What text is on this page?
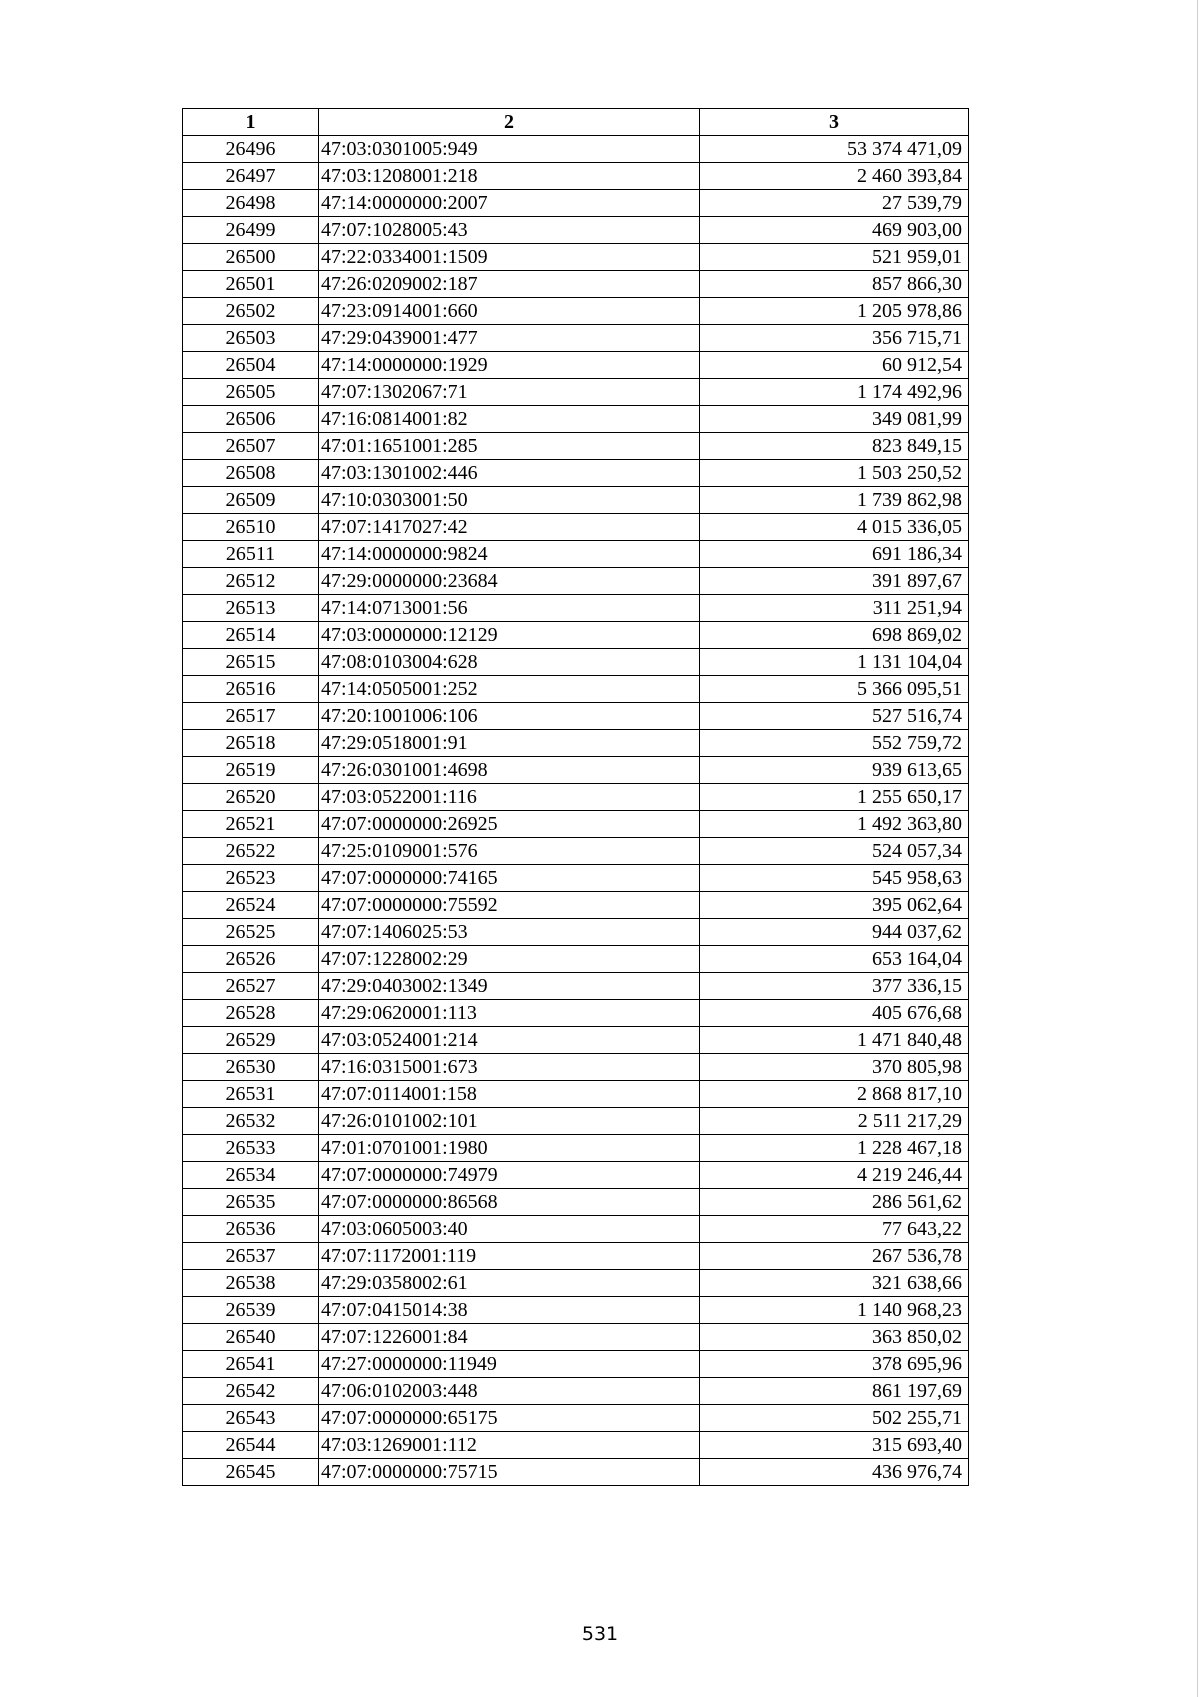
1	2	3
26496	47:03:0301005:949	53 374 471,09
26497	47:03:1208001:218	2 460 393,84
26498	47:14:0000000:2007	27 539,79
26499	47:07:1028005:43	469 903,00
26500	47:22:0334001:1509	521 959,01
26501	47:26:0209002:187	857 866,30
26502	47:23:0914001:660	1 205 978,86
26503	47:29:0439001:477	356 715,71
26504	47:14:0000000:1929	60 912,54
26505	47:07:1302067:71	1 174 492,96
26506	47:16:0814001:82	349 081,99
26507	47:01:1651001:285	823 849,15
26508	47:03:1301002:446	1 503 250,52
26509	47:10:0303001:50	1 739 862,98
26510	47:07:1417027:42	4 015 336,05
26511	47:14:0000000:9824	691 186,34
26512	47:29:0000000:23684	391 897,67
26513	47:14:0713001:56	311 251,94
26514	47:03:0000000:12129	698 869,02
26515	47:08:0103004:628	1 131 104,04
26516	47:14:0505001:252	5 366 095,51
26517	47:20:1001006:106	527 516,74
26518	47:29:0518001:91	552 759,72
26519	47:26:0301001:4698	939 613,65
26520	47:03:0522001:116	1 255 650,17
26521	47:07:0000000:26925	1 492 363,80
26522	47:25:0109001:576	524 057,34
26523	47:07:0000000:74165	545 958,63
26524	47:07:0000000:75592	395 062,64
26525	47:07:1406025:53	944 037,62
26526	47:07:1228002:29	653 164,04
26527	47:29:0403002:1349	377 336,15
26528	47:29:0620001:113	405 676,68
26529	47:03:0524001:214	1 471 840,48
26530	47:16:0315001:673	370 805,98
26531	47:07:0114001:158	2 868 817,10
26532	47:26:0101002:101	2 511 217,29
26533	47:01:0701001:1980	1 228 467,18
26534	47:07:0000000:74979	4 219 246,44
26535	47:07:0000000:86568	286 561,62
26536	47:03:0605003:40	77 643,22
26537	47:07:1172001:119	267 536,78
26538	47:29:0358002:61	321 638,66
26539	47:07:0415014:38	1 140 968,23
26540	47:07:1226001:84	363 850,02
26541	47:27:0000000:11949	378 695,96
26542	47:06:0102003:448	861 197,69
26543	47:07:0000000:65175	502 255,71
26544	47:03:1269001:112	315 693,40
26545	47:07:0000000:75715	436 976,74
531
